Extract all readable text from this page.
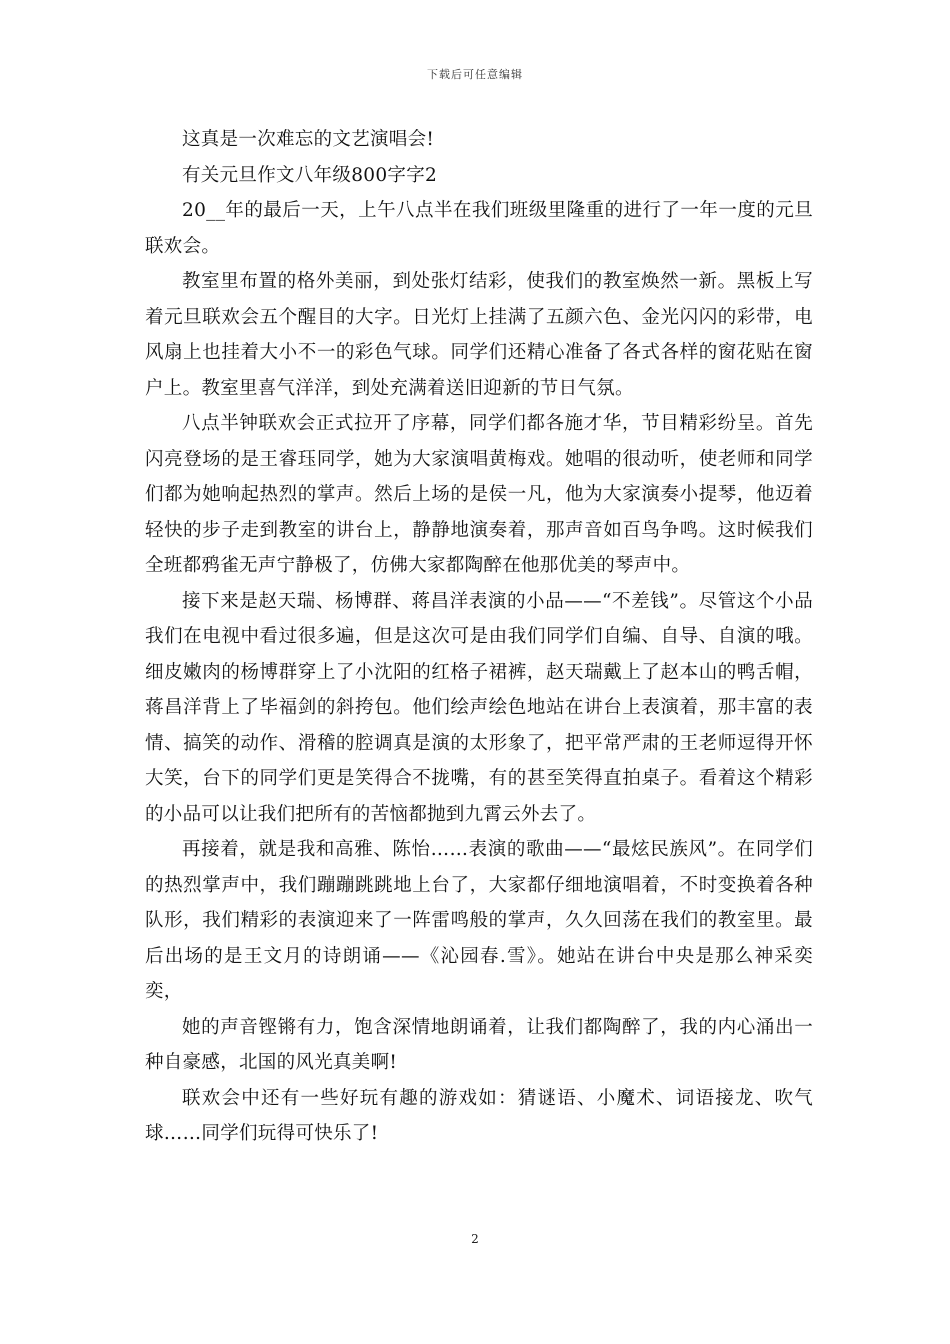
下载后可任意编辑

这真是一次难忘的文艺演唱会!

有关元旦作文八年级800字字2

20__年的最后一天，上午八点半在我们班级里隆重的进行了一年一度的元旦联欢会。

教室里布置的格外美丽，到处张灯结彩，使我们的教室焕然一新。黑板上写着元旦联欢会五个醒目的大字。日光灯上挂满了五颜六色、金光闪闪的彩带，电风扇上也挂着大小不一的彩色气球。同学们还精心准备了各式各样的窗花贴在窗户上。教室里喜气洋洋，到处充满着送旧迎新的节日气氛。

八点半钟联欢会正式拉开了序幕，同学们都各施才华，节目精彩纷呈。首先闪亮登场的是王睿珏同学，她为大家演唱黄梅戏。她唱的很动听，使老师和同学们都为她响起热烈的掌声。然后上场的是侯一凡，他为大家演奏小提琴，他迈着轻快的步子走到教室的讲台上，静静地演奏着，那声音如百鸟争鸣。这时候我们全班都鸦雀无声宁静极了，仿佛大家都陶醉在他那优美的琴声中。

接下来是赵天瑞、杨博群、蒋昌洋表演的小品——“不差钱”。尽管这个小品我们在电视中看过很多遍，但是这次可是由我们同学们自编、自导、自演的哦。细皮嫩肉的杨博群穿上了小沈阳的红格子裙裤，赵天瑞戴上了赵本山的鸭舌帽，蒋昌洋背上了毕福剑的斜挎包。他们绘声绘色地站在讲台上表演着，那丰富的表情、搞笑的动作、滑稽的腔调真是演的太形象了，把平常严肃的王老师逗得开怀大笑，台下的同学们更是笑得合不拢嘴，有的甚至笑得直拍桌子。看着这个精彩的小品可以让我们把所有的苦恼都抛到九霄云外去了。

再接着，就是我和高雅、陈怡……表演的歌曲——“最炫民族风”。在同学们的热烈掌声中，我们蹦蹦跳跳地上台了，大家都仔细地演唱着，不时变换着各种队形，我们精彩的表演迎来了一阵雷鸣般的掌声，久久回荡在我们的教室里。最后出场的是王文月的诗朗诵——《沁园春.雪》。她站在讲台中央是那么神采奕奕，

她的声音铿锵有力，饱含深情地朗诵着，让我们都陶醉了，我的内心涌出一种自豪感，北国的风光真美啊!

联欢会中还有一些好玩有趣的游戏如：猜谜语、小魔术、词语接龙、吹气球……同学们玩得可快乐了!

2
